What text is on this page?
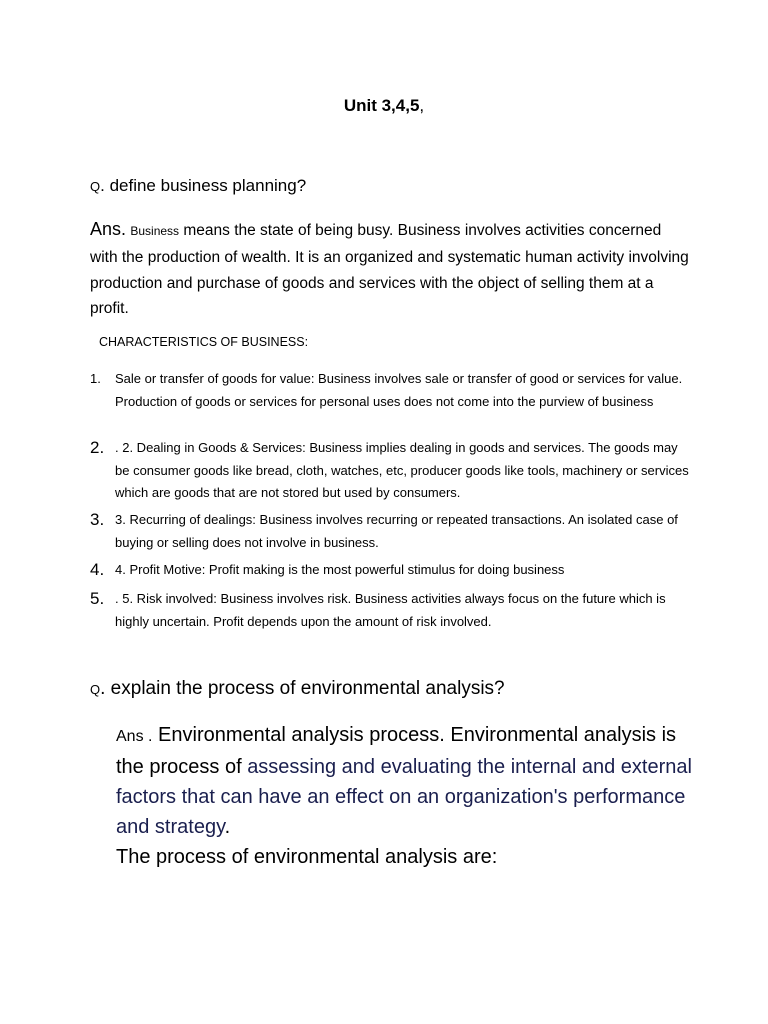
Unit 3,4,5,
Q. define business planning?
Ans. Business means the state of being busy. Business involves activities concerned with the production of wealth. It is an organized and systematic human activity involving production and purchase of goods and services with the object of selling them at a profit.
CHARACTERISTICS OF BUSINESS:
1.	Sale or transfer of goods for value: Business involves sale or transfer of good or services for value. Production of goods or services for personal uses does not come into the purview of business
2. . 2. Dealing in Goods & Services: Business implies dealing in goods and services. The goods may be consumer goods like bread, cloth, watches, etc, producer goods like tools, machinery or services which are goods that are not stored but used by consumers.
3. 3. Recurring of dealings: Business involves recurring or repeated transactions. An isolated case of buying or selling does not involve in business.
4. 4. Profit Motive: Profit making is the most powerful stimulus for doing business
5. . 5. Risk involved: Business involves risk. Business activities always focus on the future which is highly uncertain. Profit depends upon the amount of risk involved.
Q. explain the process of environmental analysis?
Ans . Environmental analysis process. Environmental analysis is the process of assessing and evaluating the internal and external factors that can have an effect on an organization's performance and strategy.
The process of environmental analysis are:
